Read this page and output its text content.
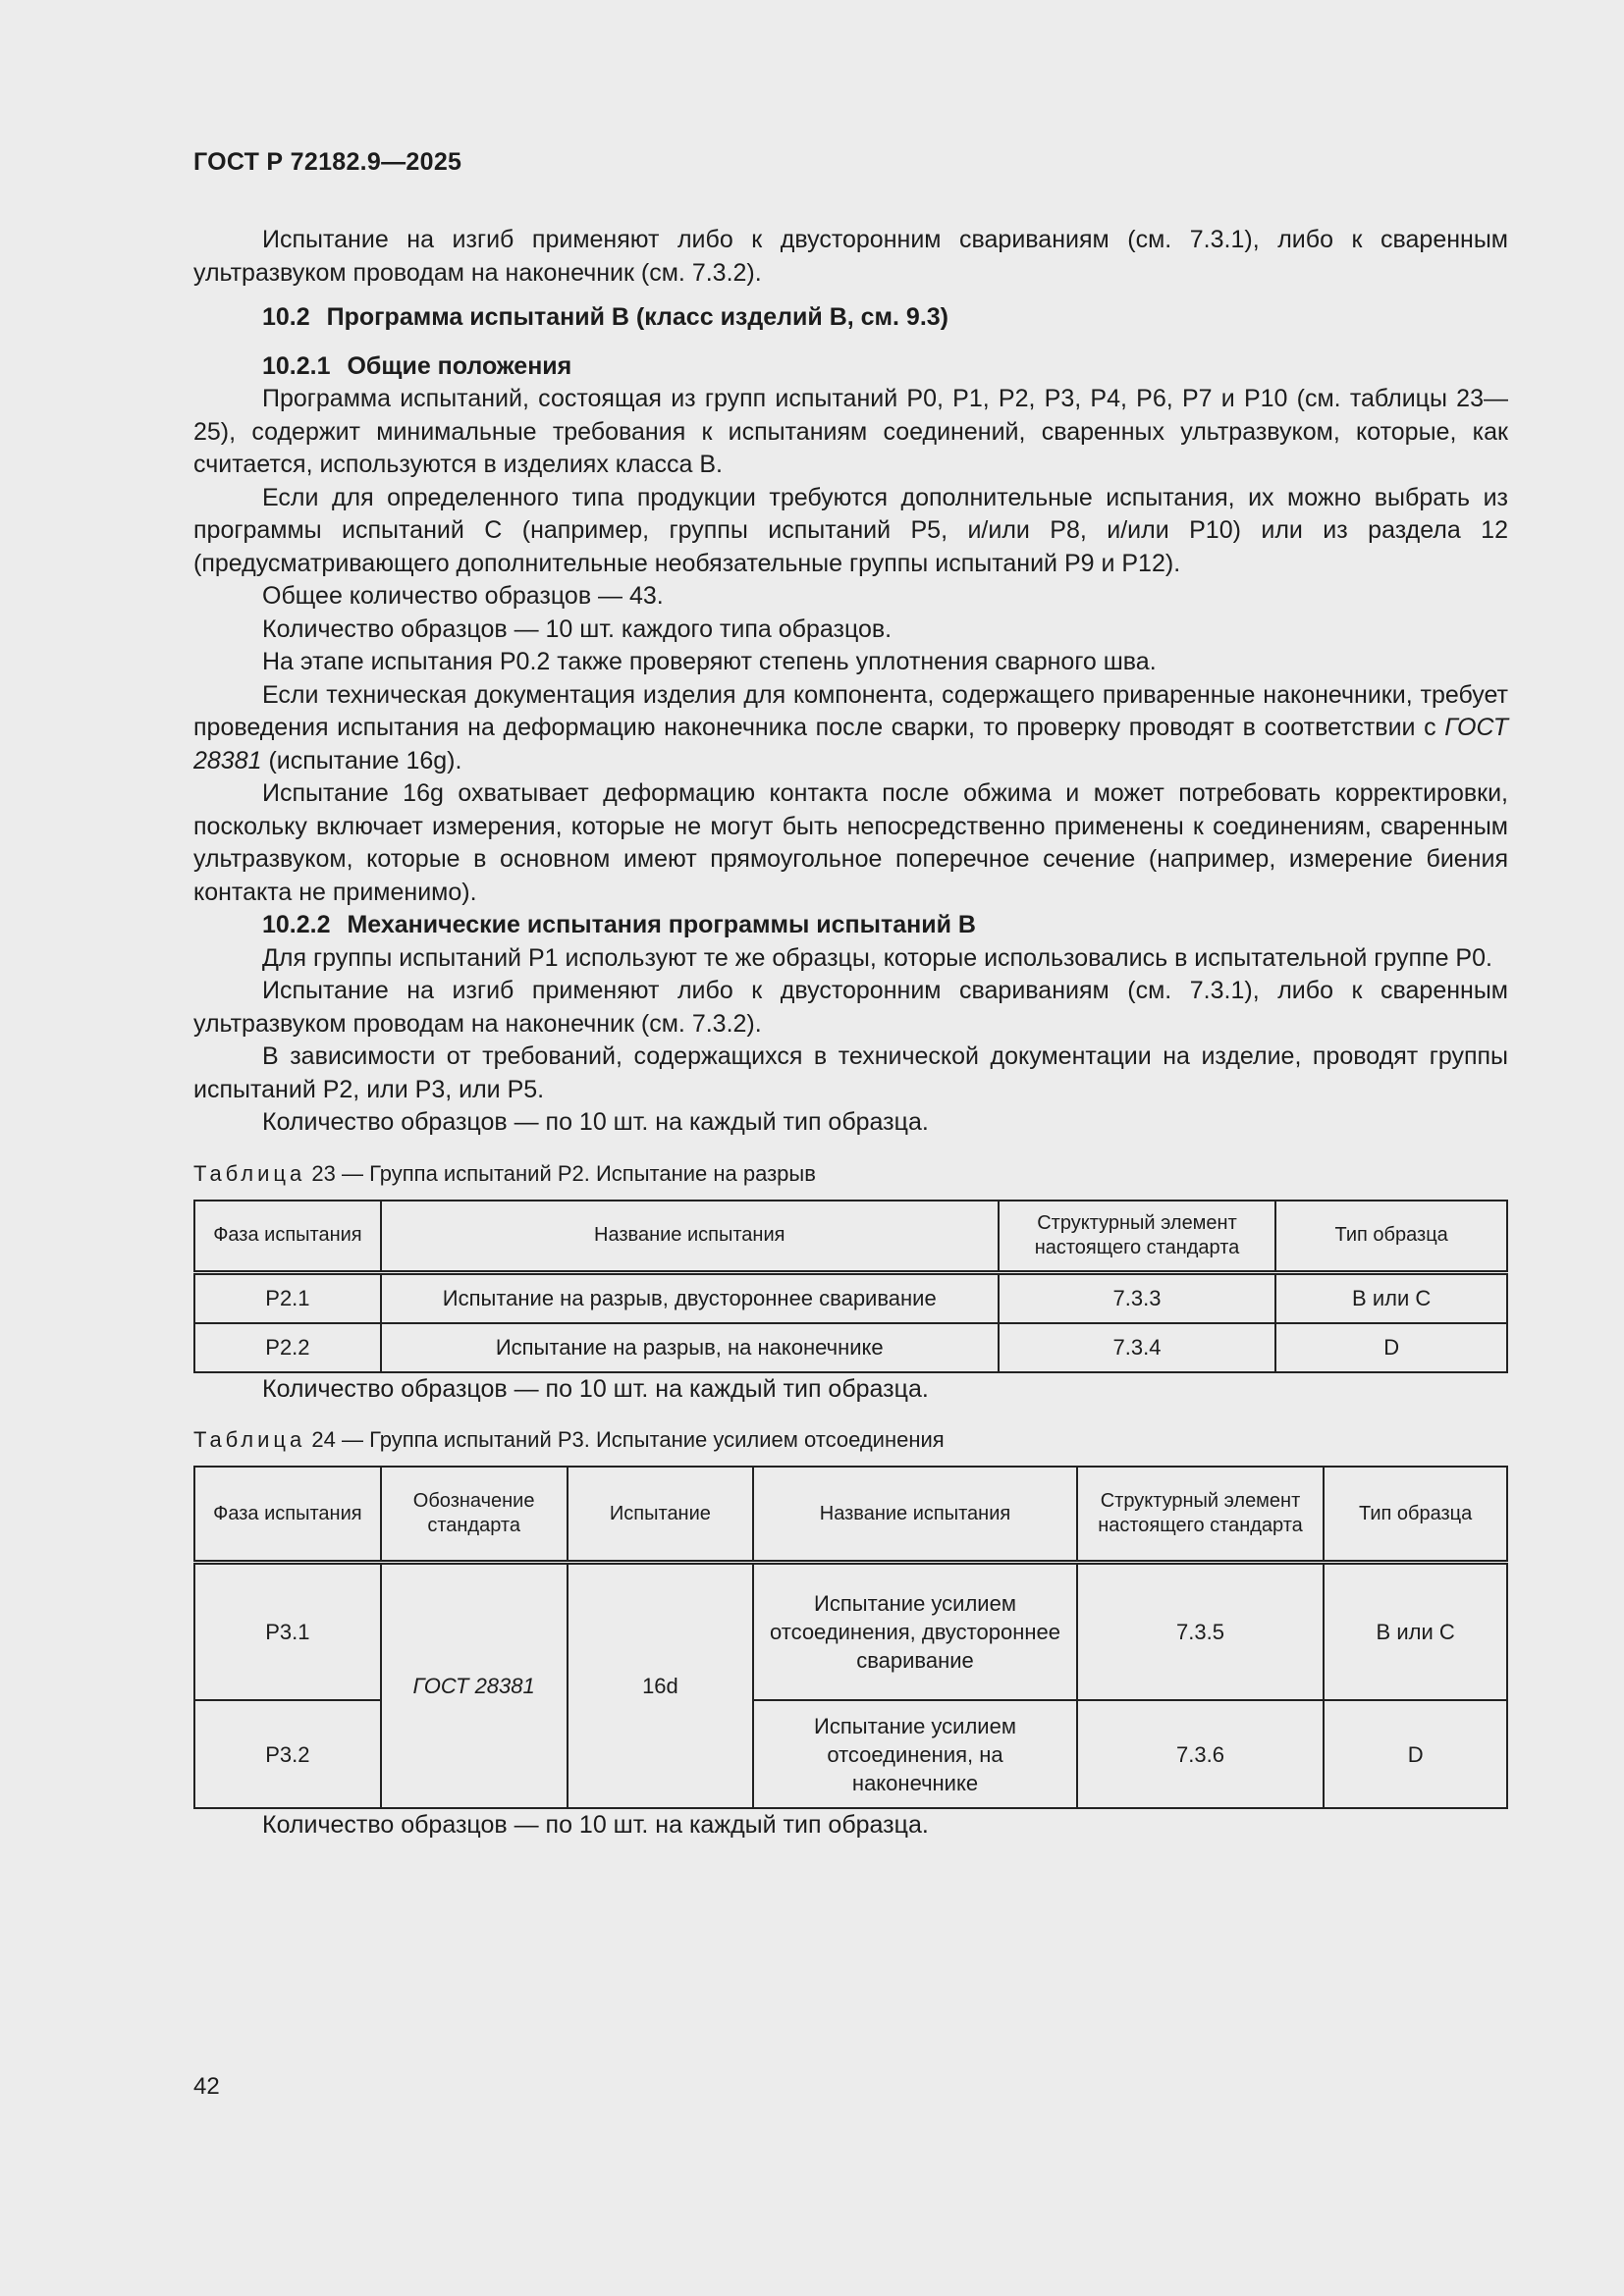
ГОСТ Р 72182.9—2025

Испытание на изгиб применяют либо к двусторонним свариваниям (см. 7.3.1), либо к сваренным ультразвуком проводам на наконечник (см. 7.3.2).

10.2 Программа испытаний B (класс изделий B, см. 9.3)
10.2.1 Общие положения

Программа испытаний, состоящая из групп испытаний P0, P1, P2, P3, P4, P6, P7 и P10 (см. таблицы 23—25), содержит минимальные требования к испытаниям соединений, сваренных ультразвуком, которые, как считается, используются в изделиях класса B.

Если для определенного типа продукции требуются дополнительные испытания, их можно выбрать из программы испытаний С (например, группы испытаний P5, и/или P8, и/или P10) или из раздела 12 (предусматривающего дополнительные необязательные группы испытаний P9 и P12).

Общее количество образцов — 43.

Количество образцов — 10 шт. каждого типа образцов.

На этапе испытания P0.2 также проверяют степень уплотнения сварного шва.

Если техническая документация изделия для компонента, содержащего приваренные наконечники, требует проведения испытания на деформацию наконечника после сварки, то проверку проводят в соответствии с ГОСТ 28381 (испытание 16g).

Испытание 16g охватывает деформацию контакта после обжима и может потребовать корректировки, поскольку включает измерения, которые не могут быть непосредственно применены к соединениям, сваренным ультразвуком, которые в основном имеют прямоугольное поперечное сечение (например, измерение биения контакта не применимо).

10.2.2 Механические испытания программы испытаний B

Для группы испытаний P1 используют те же образцы, которые использовались в испытательной группе P0.

Испытание на изгиб применяют либо к двусторонним свариваниям (см. 7.3.1), либо к сваренным ультразвуком проводам на наконечник (см. 7.3.2).

В зависимости от требований, содержащихся в технической документации на изделие, проводят группы испытаний P2, или P3, или P5.

Количество образцов — по 10 шт. на каждый тип образца.

Таблица 23 — Группа испытаний P2. Испытание на разрыв
Фаза испытания	Название испытания	Структурный элемент настоящего стандарта	Тип образца
P2.1	Испытание на разрыв, двустороннее сваривание	7.3.3	B или C
P2.2	Испытание на разрыв, на наконечнике	7.3.4	D

Количество образцов — по 10 шт. на каждый тип образца.

Таблица 24 — Группа испытаний P3. Испытание усилием отсоединения
Фаза испытания	Обозначение стандарта	Испытание	Название испытания	Структурный элемент настоящего стандарта	Тип образца
P3.1	ГОСТ 28381	16d	Испытание усилием отсоединения, двустороннее сваривание	7.3.5	B или C
P3.2			Испытание усилием отсоединения, на наконечнике	7.3.6	D

Количество образцов — по 10 шт. на каждый тип образца.

42
